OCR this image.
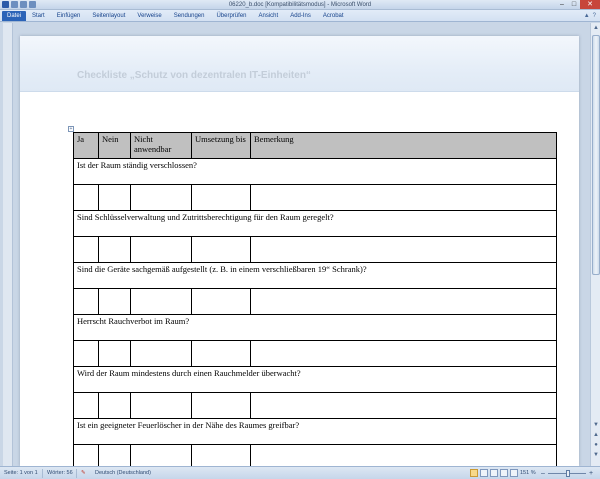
06220_b.doc [Kompatibilitätsmodus] - Microsoft Word	–	□	✕
Datei	Start	Einfügen	Seitenlayout	Verweise	Sendungen	Überprüfen	Ansicht	Add-Ins	Acrobat	▲ ?
Checkliste „Schutz von dezentralen IT-Einheiten“
+
Ja	Nein	Nicht anwendbar	Umsetzung bis	Bemerkung
Ist der Raum ständig verschlossen?				

Sind Schlüsselverwaltung und Zutrittsberechtigung für den Raum geregelt?				

Sind die Geräte sachgemäß aufgestellt (z. B. in einem verschließbaren 19“ Schrank)?				

Herrscht Rauchverbot im Raum?				

Wird der Raum mindestens durch einen Rauchmelder überwacht?				

Ist ein geeigneter Feuerlöscher in der Nähe des Raumes greifbar?				

▲
▼
▲
●
▼
Seite: 1 von 1 Wörter: 56 ✎ Deutsch (Deutschland)	151 % –	+
